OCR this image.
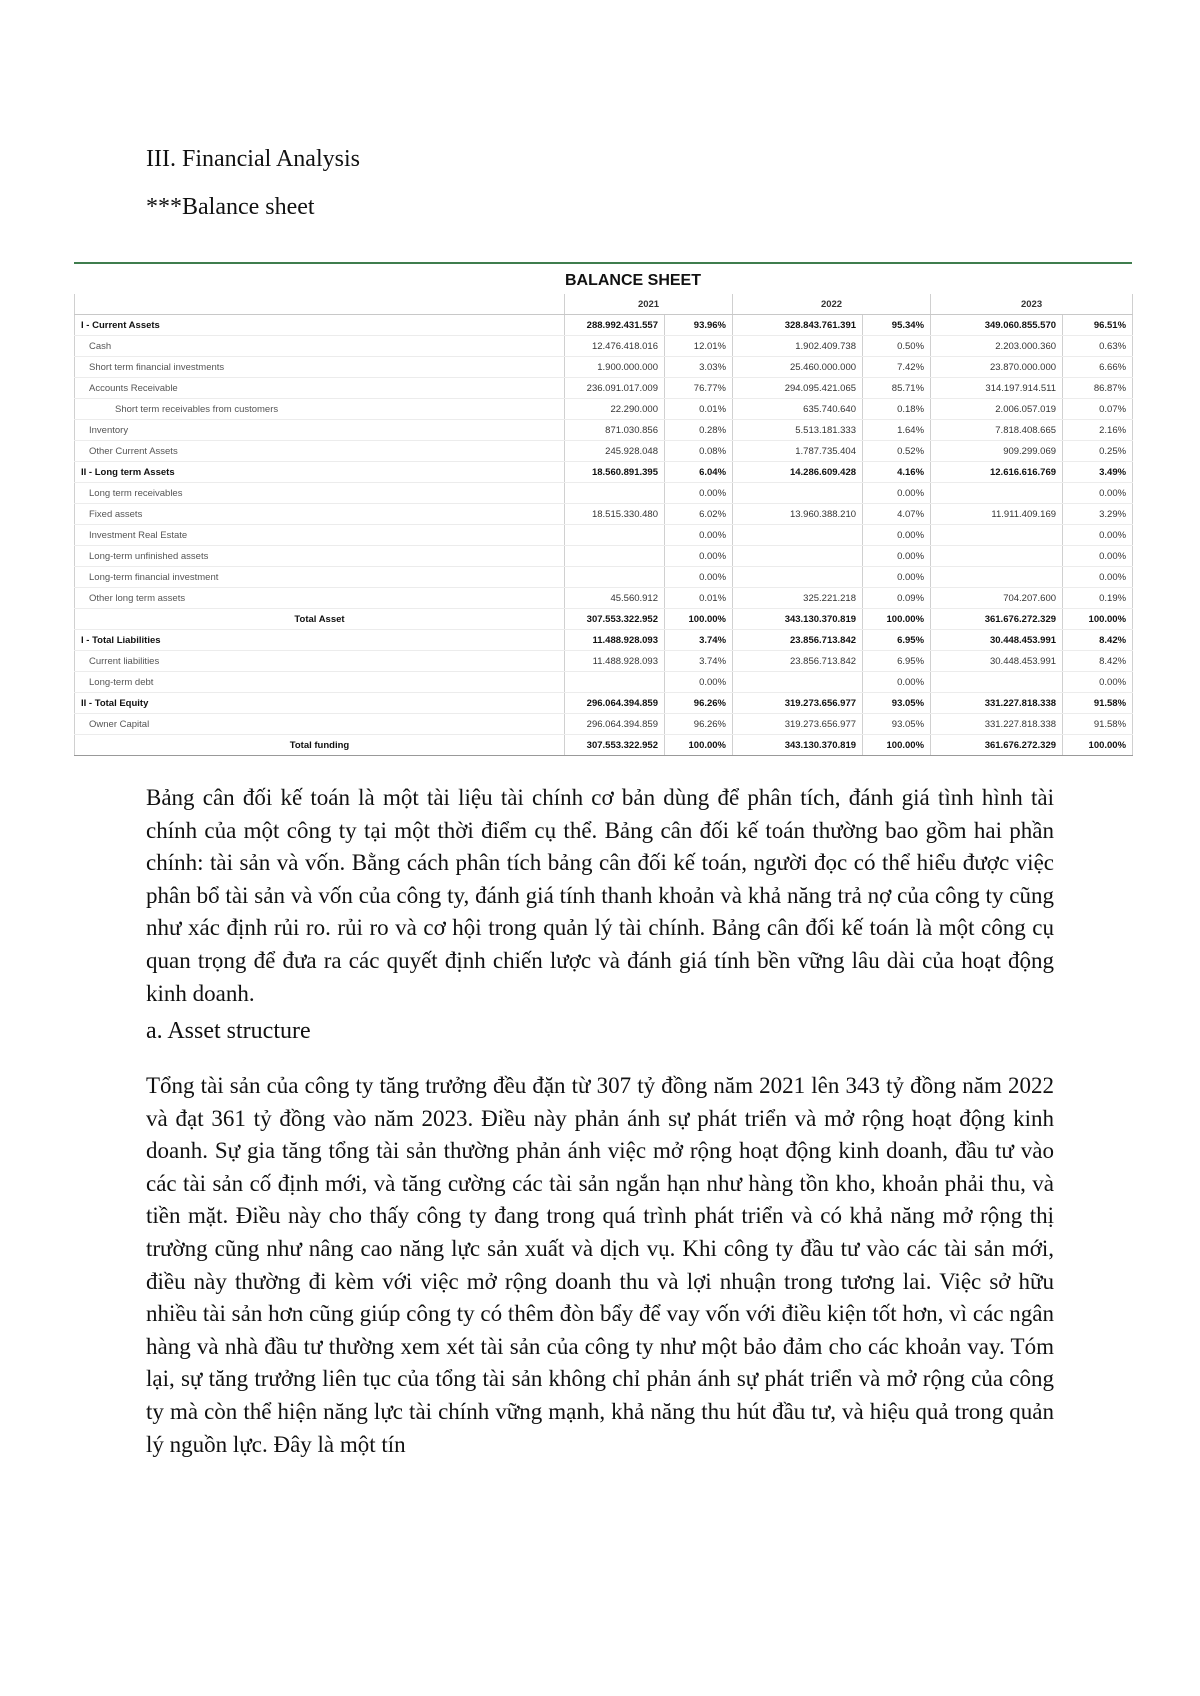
III. Financial Analysis
***Balance sheet
BALANCE SHEET
	2021		2022		2023	
I - Current Assets	288.992.431.557	93.96%	328.843.761.391	95.34%	349.060.855.570	96.51%
Cash	12.476.418.016	12.01%	1.902.409.738	0.50%	2.203.000.360	0.63%
Short term financial investments	1.900.000.000	3.03%	25.460.000.000	7.42%	23.870.000.000	6.66%
Accounts Receivable	236.091.017.009	76.77%	294.095.421.065	85.71%	314.197.914.511	86.87%
Short term receivables from customers	22.290.000	0.01%	635.740.640	0.18%	2.006.057.019	0.07%
Inventory	871.030.856	0.28%	5.513.181.333	1.64%	7.818.408.665	2.16%
Other Current Assets	245.928.048	0.08%	1.787.735.404	0.52%	909.299.069	0.25%
II - Long term Assets	18.560.891.395	6.04%	14.286.609.428	4.16%	12.616.616.769	3.49%
Long term receivables		0.00%		0.00%		0.00%
Fixed assets	18.515.330.480	6.02%	13.960.388.210	4.07%	11.911.409.169	3.29%
Investment Real Estate		0.00%		0.00%		0.00%
Long-term unfinished assets		0.00%		0.00%		0.00%
Long-term financial investment		0.00%		0.00%		0.00%
Other long term assets	45.560.912	0.01%	325.221.218	0.09%	704.207.600	0.19%
Total Asset	307.553.322.952	100.00%	343.130.370.819	100.00%	361.676.272.329	100.00%
I - Total Liabilities	11.488.928.093	3.74%	23.856.713.842	6.95%	30.448.453.991	8.42%
Current liabilities	11.488.928.093	3.74%	23.856.713.842	6.95%	30.448.453.991	8.42%
Long-term debt		0.00%		0.00%		0.00%
II - Total Equity	296.064.394.859	96.26%	319.273.656.977	93.05%	331.227.818.338	91.58%
Owner Capital	296.064.394.859	96.26%	319.273.656.977	93.05%	331.227.818.338	91.58%
Total funding	307.553.322.952	100.00%	343.130.370.819	100.00%	361.676.272.329	100.00%

Bảng cân đối kế toán là một tài liệu tài chính cơ bản dùng để phân tích, đánh giá tình hình tài chính của một công ty tại một thời điểm cụ thể. Bảng cân đối kế toán thường bao gồm hai phần chính: tài sản và vốn. Bằng cách phân tích bảng cân đối kế toán, người đọc có thể hiểu được việc phân bổ tài sản và vốn của công ty, đánh giá tính thanh khoản và khả năng trả nợ của công ty cũng như xác định rủi ro. rủi ro và cơ hội trong quản lý tài chính. Bảng cân đối kế toán là một công cụ quan trọng để đưa ra các quyết định chiến lược và đánh giá tính bền vững lâu dài của hoạt động kinh doanh.

a. Asset structure

Tổng tài sản của công ty tăng trưởng đều đặn từ 307 tỷ đồng năm 2021 lên 343 tỷ đồng năm 2022 và đạt 361 tỷ đồng vào năm 2023. Điều này phản ánh sự phát triển và mở rộng hoạt động kinh doanh. Sự gia tăng tổng tài sản thường phản ánh việc mở rộng hoạt động kinh doanh, đầu tư vào các tài sản cố định mới, và tăng cường các tài sản ngắn hạn như hàng tồn kho, khoản phải thu, và tiền mặt. Điều này cho thấy công ty đang trong quá trình phát triển và có khả năng mở rộng thị trường cũng như nâng cao năng lực sản xuất và dịch vụ. Khi công ty đầu tư vào các tài sản mới, điều này thường đi kèm với việc mở rộng doanh thu và lợi nhuận trong tương lai. Việc sở hữu nhiều tài sản hơn cũng giúp công ty có thêm đòn bẩy để vay vốn với điều kiện tốt hơn, vì các ngân hàng và nhà đầu tư thường xem xét tài sản của công ty như một bảo đảm cho các khoản vay. Tóm lại, sự tăng trưởng liên tục của tổng tài sản không chỉ phản ánh sự phát triển và mở rộng của công ty mà còn thể hiện năng lực tài chính vững mạnh, khả năng thu hút đầu tư, và hiệu quả trong quản lý nguồn lực. Đây là một tín
